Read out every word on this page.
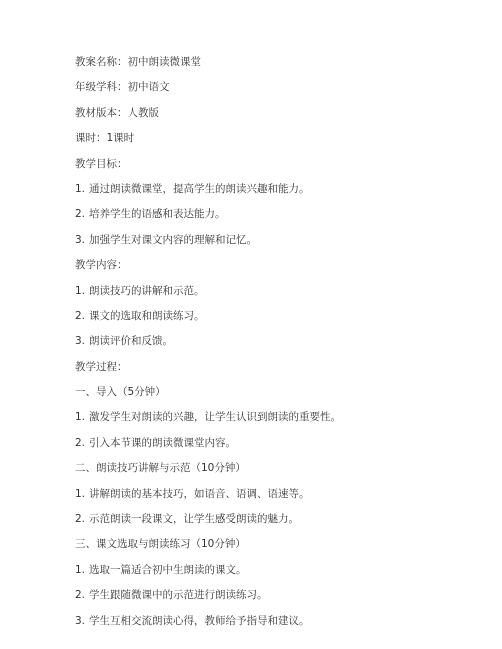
教案名称：初中朗读微课堂
年级学科：初中语文
教材版本：人教版
课时：1课时
教学目标：
1. 通过朗读微课堂，提高学生的朗读兴趣和能力。
2. 培养学生的语感和表达能力。
3. 加强学生对课文内容的理解和记忆。
教学内容：
1. 朗读技巧的讲解和示范。
2. 课文的选取和朗读练习。
3. 朗读评价和反馈。
教学过程：
一、导入（5分钟）
1. 激发学生对朗读的兴趣，让学生认识到朗读的重要性。
2. 引入本节课的朗读微课堂内容。
二、朗读技巧讲解与示范（10分钟）
1. 讲解朗读的基本技巧，如语音、语调、语速等。
2. 示范朗读一段课文，让学生感受朗读的魅力。
三、课文选取与朗读练习（10分钟）
1. 选取一篇适合初中生朗读的课文。
2. 学生跟随微课中的示范进行朗读练习。
3. 学生互相交流朗读心得，教师给予指导和建议。
